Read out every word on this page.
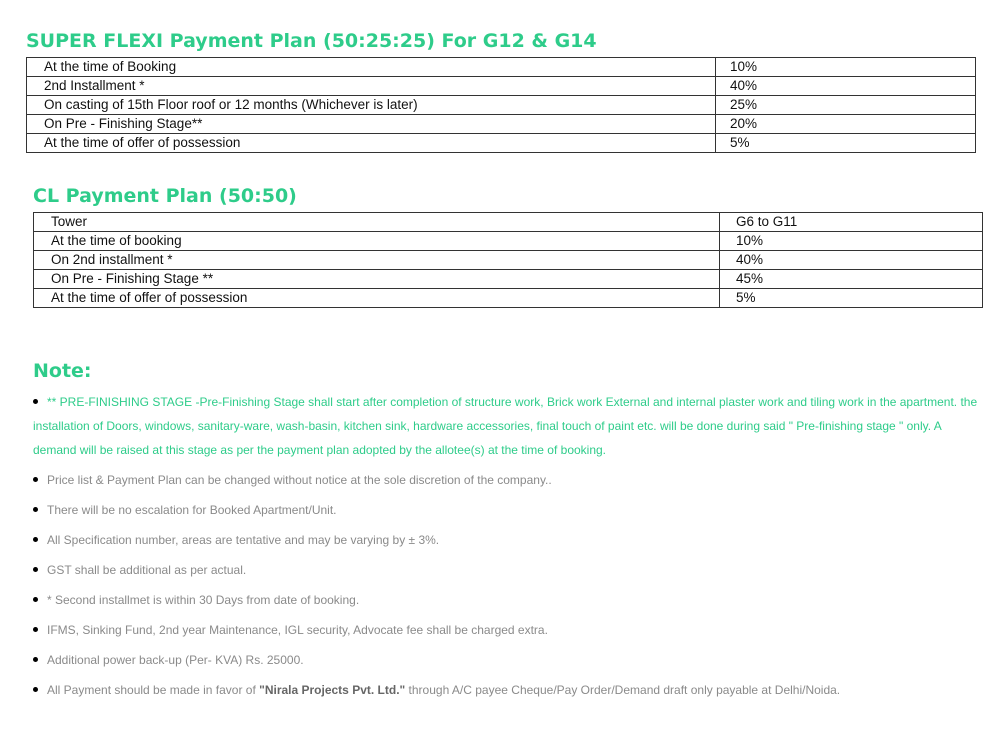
SUPER FLEXI Payment Plan (50:25:25) For G12 & G14
At the time of Booking	10%
2nd Installment *	40%
On casting of 15th Floor roof or 12 months (Whichever is later)	25%
On Pre - Finishing Stage**	20%
At the time of offer of possession	5%
CL Payment Plan (50:50)
Tower	G6 to G11
At the time of booking	10%
On 2nd installment *	40%
On Pre - Finishing Stage **	45%
At the time of offer of possession	5%
Note:
** PRE-FINISHING STAGE -Pre-Finishing Stage shall start after completion of structure work, Brick work External and internal plaster work and tiling work in the apartment. the installation of Doors, windows, sanitary-ware, wash-basin, kitchen sink, hardware accessories, final touch of paint etc. will be done during said " Pre-finishing stage " only. A demand will be raised at this stage as per the payment plan adopted by the allotee(s) at the time of booking.
Price list & Payment Plan can be changed without notice at the sole discretion of the company..
There will be no escalation for Booked Apartment/Unit.
All Specification number, areas are tentative and may be varying by ± 3%.
GST shall be additional as per actual.
* Second installmet is within 30 Days from date of booking.
IFMS, Sinking Fund, 2nd year Maintenance, IGL security, Advocate fee shall be charged extra.
Additional power back-up (Per- KVA) Rs. 25000.
All Payment should be made in favor of "Nirala Projects Pvt. Ltd." through A/C payee Cheque/Pay Order/Demand draft only payable at Delhi/Noida.
